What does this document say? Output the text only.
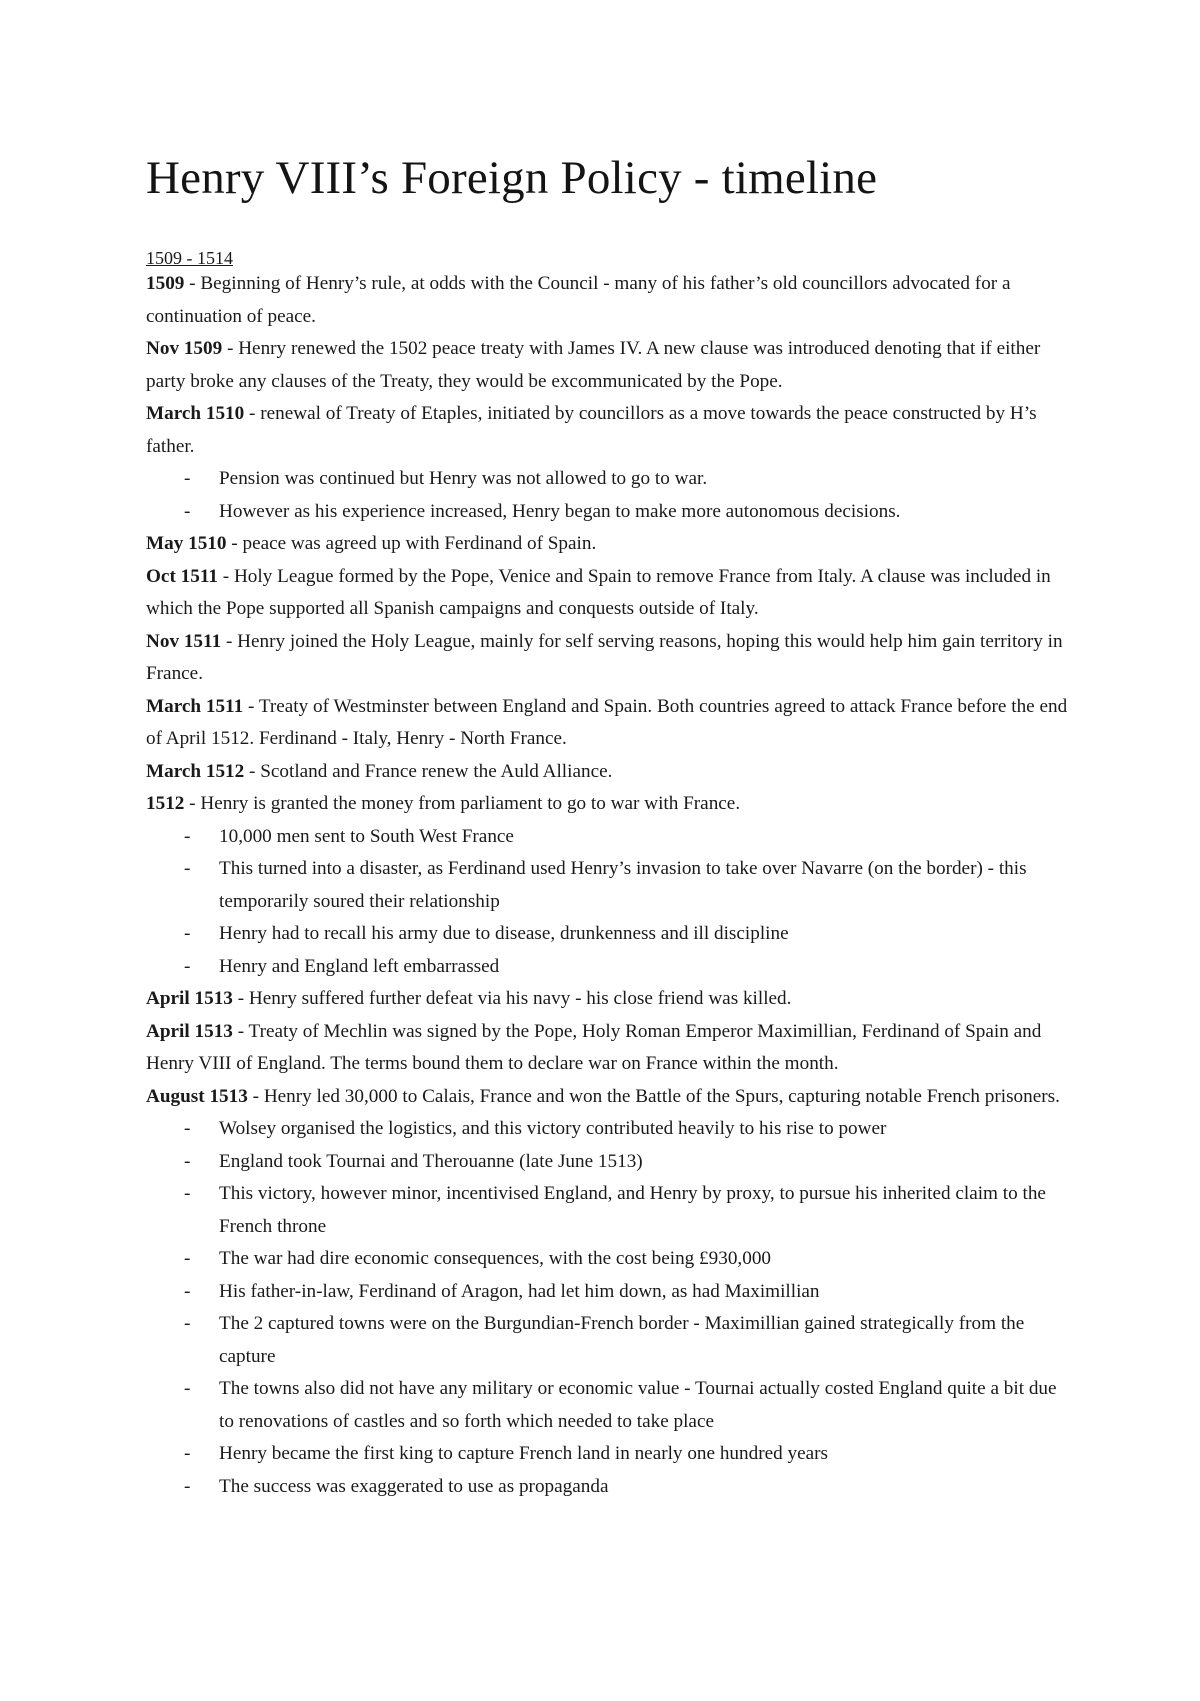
Henry VIII’s Foreign Policy - timeline

1509 - 1514

1509 - Beginning of Henry’s rule, at odds with the Council - many of his father’s old councillors advocated for a continuation of peace.

Nov 1509 - Henry renewed the 1502 peace treaty with James IV. A new clause was introduced denoting that if either party broke any clauses of the Treaty, they would be excommunicated by the Pope.

March 1510 - renewal of Treaty of Etaples, initiated by councillors as a move towards the peace constructed by H’s father.

- Pension was continued but Henry was not allowed to go to war.
- However as his experience increased, Henry began to make more autonomous decisions.

May 1510 - peace was agreed up with Ferdinand of Spain.

Oct 1511 - Holy League formed by the Pope, Venice and Spain to remove France from Italy. A clause was included in which the Pope supported all Spanish campaigns and conquests outside of Italy.

Nov 1511 - Henry joined the Holy League, mainly for self serving reasons, hoping this would help him gain territory in France.

March 1511 - Treaty of Westminster between England and Spain. Both countries agreed to attack France before the end of April 1512. Ferdinand - Italy, Henry - North France.

March 1512 - Scotland and France renew the Auld Alliance.

1512 - Henry is granted the money from parliament to go to war with France.

- 10,000 men sent to South West France
- This turned into a disaster, as Ferdinand used Henry’s invasion to take over Navarre (on the border) - this temporarily soured their relationship
- Henry had to recall his army due to disease, drunkenness and ill discipline
- Henry and England left embarrassed

April 1513 - Henry suffered further defeat via his navy - his close friend was killed.

April 1513 - Treaty of Mechlin was signed by the Pope, Holy Roman Emperor Maximillian, Ferdinand of Spain and Henry VIII of England. The terms bound them to declare war on France within the month.

August 1513 - Henry led 30,000 to Calais, France and won the Battle of the Spurs, capturing notable French prisoners.

- Wolsey organised the logistics, and this victory contributed heavily to his rise to power
- England took Tournai and Therouanne (late June 1513)
- This victory, however minor, incentivised England, and Henry by proxy, to pursue his inherited claim to the French throne
- The war had dire economic consequences, with the cost being £930,000
- His father-in-law, Ferdinand of Aragon, had let him down, as had Maximillian
- The 2 captured towns were on the Burgundian-French border - Maximillian gained strategically from the capture
- The towns also did not have any military or economic value - Tournai actually costed England quite a bit due to renovations of castles and so forth which needed to take place
- Henry became the first king to capture French land in nearly one hundred years
- The success was exaggerated to use as propaganda
